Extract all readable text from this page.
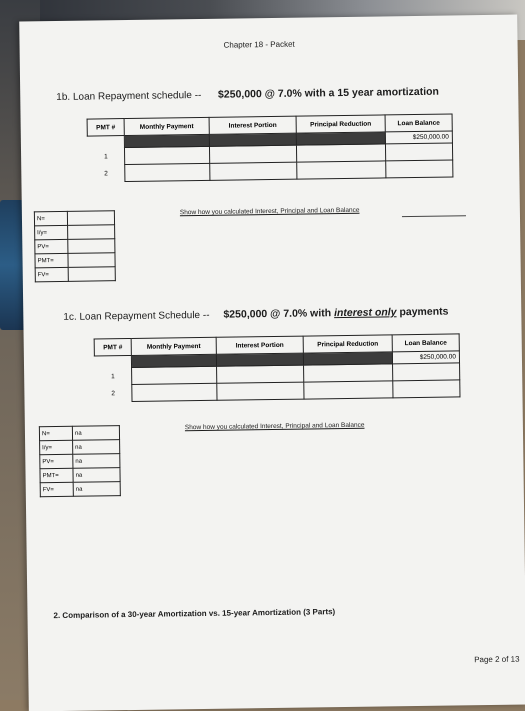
Chapter 18 - Packet
1b. Loan Repayment schedule -- $250,000 @ 7.0% with a 15 year amortization
PMT #	Monthly Payment	Interest Portion	Principal Reduction	Loan Balance
				$250,000.00
1				
2				
N=	
I/y=	
PV=	
PMT=	
FV=	
Show how you calculated Interest, Principal and Loan Balance
1c. Loan Repayment Schedule -- $250,000 @ 7.0% with interest only payments
PMT #	Monthly Payment	Interest Portion	Principal Reduction	Loan Balance
				$250,000.00
1				
2				
N=	na
I/y=	na
PV=	na
PMT=	na
FV=	na
Show how you calculated Interest, Principal and Loan Balance
2. Comparison of a 30-year Amortization vs. 15-year Amortization (3 Parts)
Page 2 of 13
